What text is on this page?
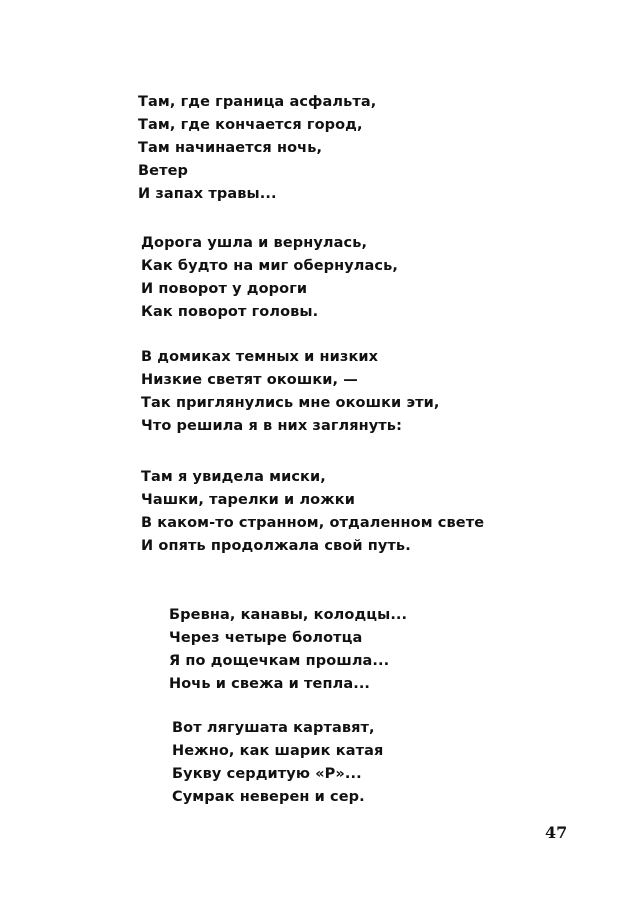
Там, где граница асфальта,
Там, где кончается город,
Там начинается ночь,
Ветер
И запах травы...
Дорога ушла и вернулась,
Как будто на миг обернулась,
И поворот у дороги
Как поворот головы.
В домиках темных и низких
Низкие светят окошки, —
Так приглянулись мне окошки эти,
Что решила я в них заглянуть:
Там я увидела миски,
Чашки, тарелки и ложки
В каком-то странном, отдаленном свете
И опять продолжала свой путь.
Бревна, канавы, колодцы...
Через четыре болотца
Я по дощечкам прошла...
Ночь и свежа и тепла...
Вот лягушата картавят,
Нежно, как шарик катая
Букву сердитую «Р»...
Сумрак неверен и сер.
47
